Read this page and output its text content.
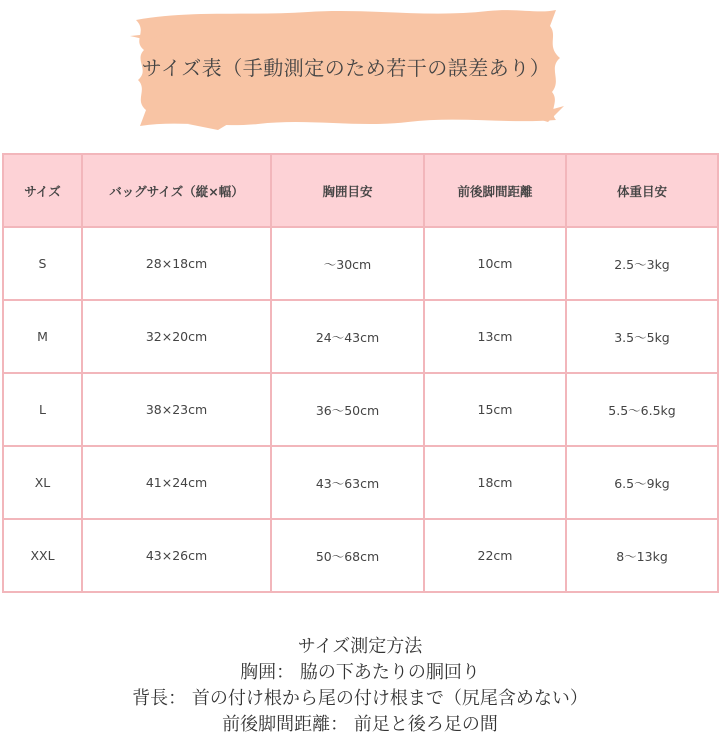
サイズ表（手動測定のため若干の誤差あり）
サイズ	バッグサイズ（縦×幅）	胸囲目安	前後脚間距離	体重目安
S	28×18cm	〜30cm	10cm	2.5〜3kg
M	32×20cm	24〜43cm	13cm	3.5〜5kg
L	38×23cm	36〜50cm	15cm	5.5〜6.5kg
XL	41×24cm	43〜63cm	18cm	6.5〜9kg
XXL	43×26cm	50〜68cm	22cm	8〜13kg
サイズ測定方法
胸囲： 脇の下あたりの胴回り
背長： 首の付け根から尾の付け根まで（尻尾含めない）
前後脚間距離： 前足と後ろ足の間
